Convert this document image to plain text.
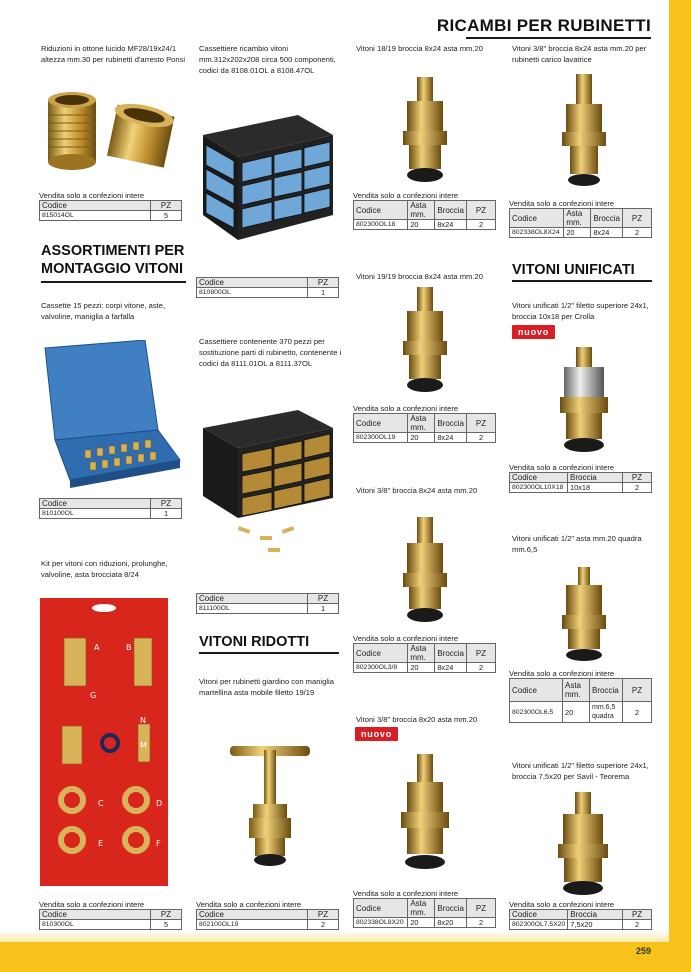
259
RICAMBI PER RUBINETTI
Riduzioni in ottone lucido MF28/19x24/1 altezza mm.30 per rubinetti d'arresto Ponsi
Vendita solo a confezioni intere
Codice	PZ
815014OL	5
ASSORTIMENTI PER MONTAGGIO VITONI
Cassette 15 pezzi: corpi vitone, aste, valvoline, maniglia a farfalla
Codice	PZ
810100OL	1
Kit per vitoni con riduzioni, prolunghe, valvoline, asta brocciata 8/24
A	B
G
N
M
C	D
E	F
Vendita solo a confezioni intere
Codice	PZ
810300OL	5
Cassettiere ricambio vitoni mm.312x202x208 circa 500 componenti, codici da 8108.01OL a 8108.47OL
Codice	PZ
810800OL	1
Cassettiere contenente 370 pezzi per sostituzione parti di rubinetto, contenente i codici da 8111.01OL a 8111.37OL
Codice	PZ
811100OL	1
VITONI RIDOTTI
Vitoni per rubinetti giardino con maniglia martellina asta mobile filetto 19/19
Vendita solo a confezioni intere
Codice	PZ
802100OL19	2
Vitoni 18/19 broccia 8x24 asta mm.20
Vendita solo a confezioni intere
Codice	Asta mm.	Broccia	PZ
802300OL18	20	8x24	2
Vitoni 19/19 broccia 8x24 asta mm.20
Vendita solo a confezioni intere
Codice	Asta mm.	Broccia	PZ
802300OL19	20	8x24	2
Vitoni 3/8" broccia 8x24 asta mm.20
Vendita solo a confezioni intere
Codice	Asta mm.	Broccia	PZ
802300OL3/8	20	8x24	2
Vitoni 3/8" broccia 8x20 asta mm.20
nuovo
Vendita solo a confezioni intere
Codice	Asta mm.	Broccia	PZ
802338OL8X20	20	8x20	2
Vitoni 3/8" broccia 8x24 asta mm.20 per rubinetti carico lavatrice
Vendita solo a confezioni intere
Codice	Asta mm.	Broccia	PZ
802338OL8X24	20	8x24	2
VITONI UNIFICATI
Vitoni unificati 1/2" filetto superiore 24x1, broccia 10x18 per Crolla
nuovo
Vendita solo a confezioni intere
Codice	Broccia	PZ
802300OL10X18	10x18	2
Vitoni unificati 1/2" asta mm.20 quadra mm.6,5
Vendita solo a confezioni intere
Codice	Asta mm.	Broccia	PZ
802300OL6.5	20	mm.6,5 quadra	2
Vitoni unificati 1/2" filetto superiore 24x1, broccia 7,5x20 per Savil - Teorema
Vendita solo a confezioni intere
Codice	Broccia	PZ
802300OL7.5X20	7,5x20	2
